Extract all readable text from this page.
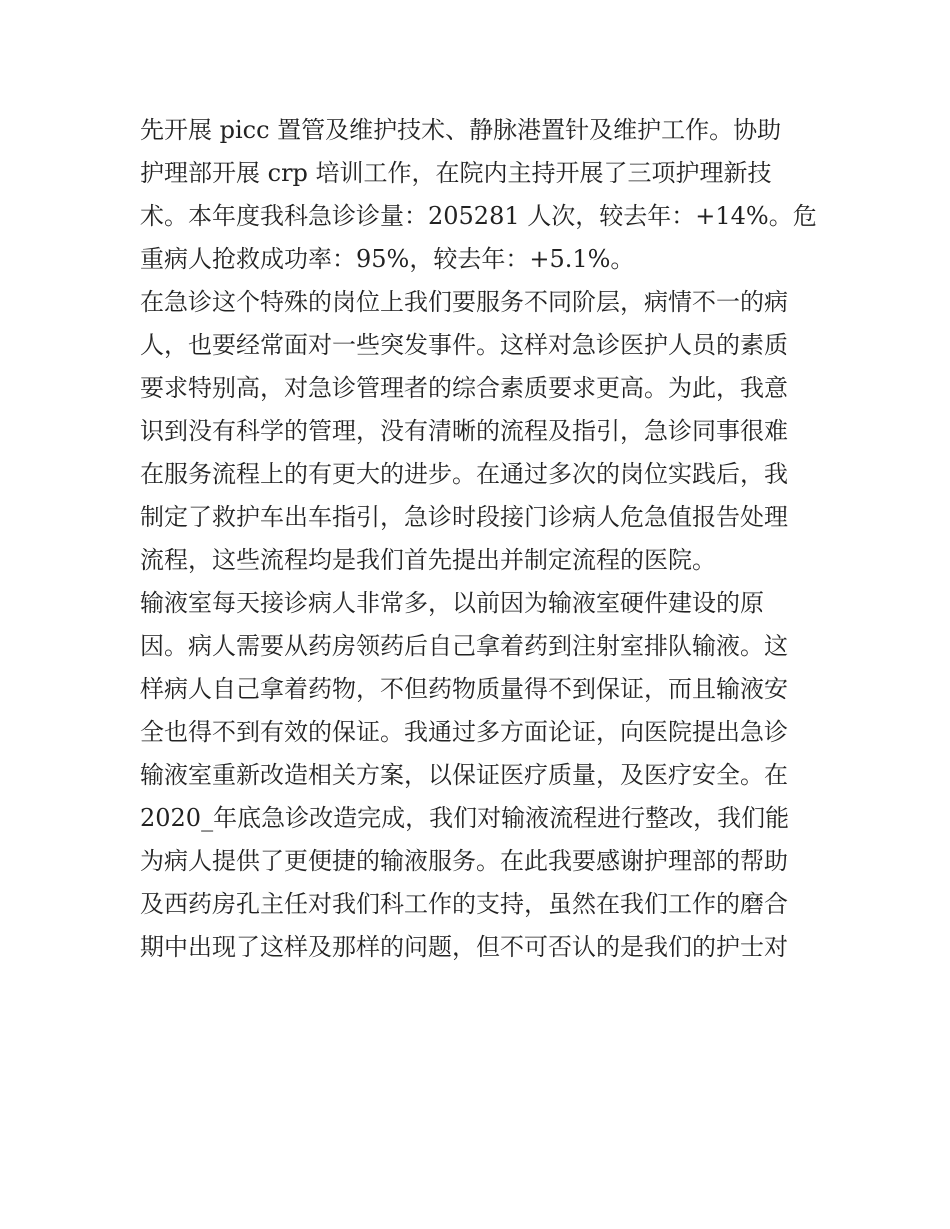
先开展 picc 置管及维护技术、静脉港置针及维护工作。协助
护理部开展 crp 培训工作，在院内主持开展了三项护理新技
术。本年度我科急诊诊量：205281 人次，较去年：+14%。危
重病人抢救成功率：95%，较去年：+5.1%。
在急诊这个特殊的岗位上我们要服务不同阶层，病情不一的病
人，也要经常面对一些突发事件。这样对急诊医护人员的素质
要求特别高，对急诊管理者的综合素质要求更高。为此，我意
识到没有科学的管理，没有清晰的流程及指引，急诊同事很难
在服务流程上的有更大的进步。在通过多次的岗位实践后，我
制定了救护车出车指引，急诊时段接门诊病人危急值报告处理
流程，这些流程均是我们首先提出并制定流程的医院。
输液室每天接诊病人非常多，以前因为输液室硬件建设的原
因。病人需要从药房领药后自己拿着药到注射室排队输液。这
样病人自己拿着药物，不但药物质量得不到保证，而且输液安
全也得不到有效的保证。我通过多方面论证，向医院提出急诊
输液室重新改造相关方案，以保证医疗质量，及医疗安全。在
2020_年底急诊改造完成，我们对输液流程进行整改，我们能
为病人提供了更便捷的输液服务。在此我要感谢护理部的帮助
及西药房孔主任对我们科工作的支持，虽然在我们工作的磨合
期中出现了这样及那样的问题，但不可否认的是我们的护士对
